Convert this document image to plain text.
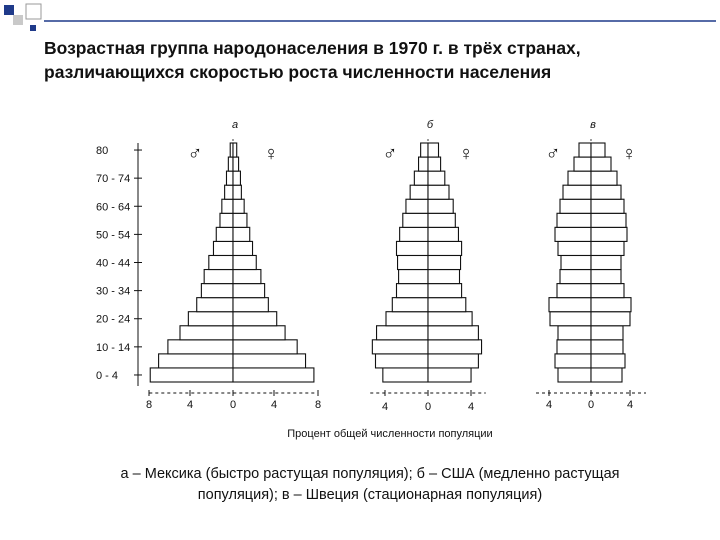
Возрастная группа народонаселения в 1970 г. в трёх странах,
различающихся скоростью роста численности населения
80
70 - 74
60 - 64
50 - 54
40 - 44
30 - 34
20 - 24
10 - 14
0 - 4
8	4	0	4	8
а
♂	♀
4	0	4
б
♂	♀
4	0	4
в
♂	♀
Процент общей численности популяции
а – Мексика (быстро растущая популяция); б – США (медленно растущая
популяция); в – Швеция (стационарная популяция)
